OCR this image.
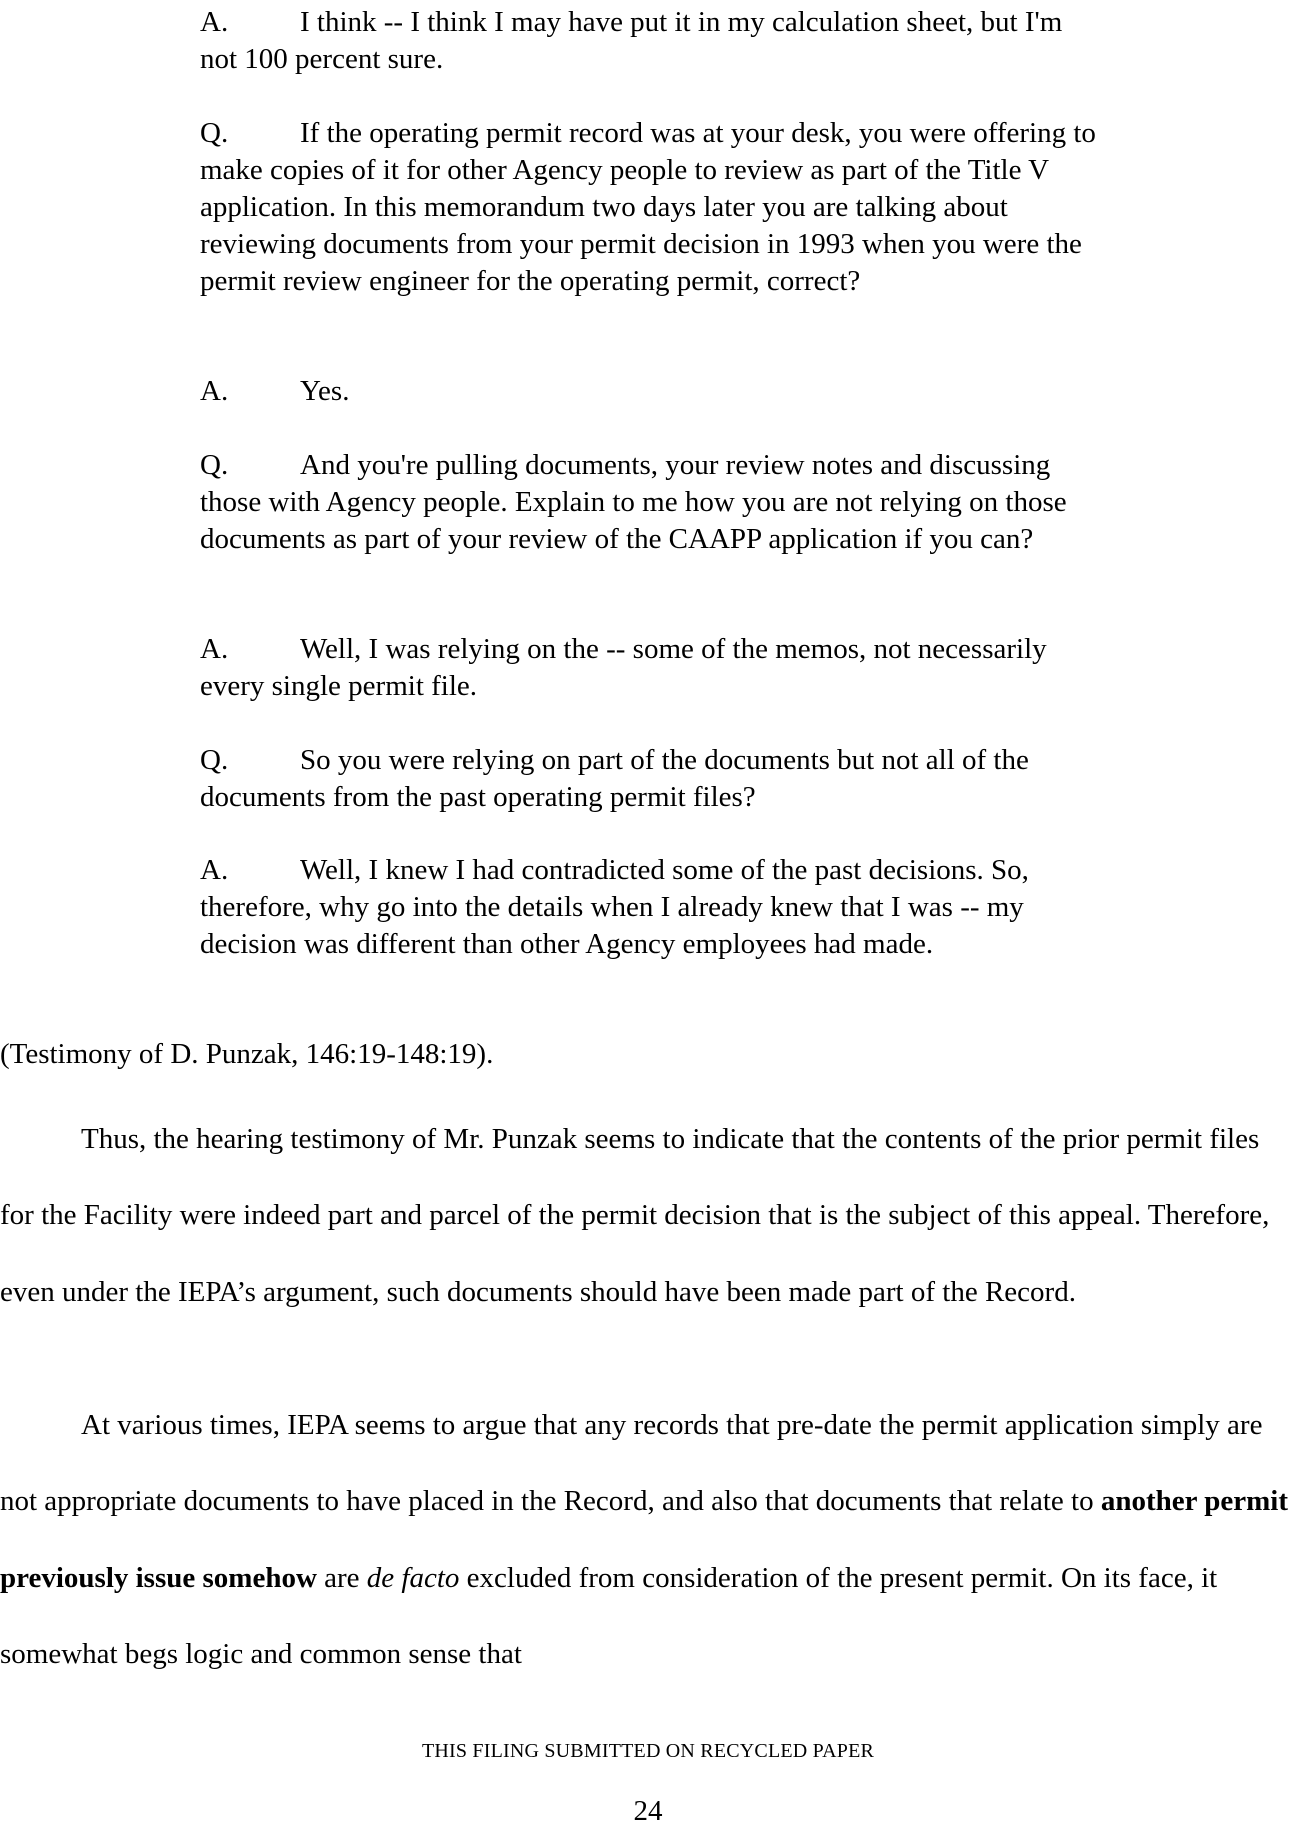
A. I think -- I think I may have put it in my calculation sheet, but I'm not 100 percent sure.

Q. If the operating permit record was at your desk, you were offering to make copies of it for other Agency people to review as part of the Title V application. In this memorandum two days later you are talking about reviewing documents from your permit decision in 1993 when you were the permit review engineer for the operating permit, correct?

A. Yes.

Q. And you're pulling documents, your review notes and discussing those with Agency people. Explain to me how you are not relying on those documents as part of your review of the CAAPP application if you can?

A. Well, I was relying on the -- some of the memos, not necessarily every single permit file.

Q. So you were relying on part of the documents but not all of the documents from the past operating permit files?

A. Well, I knew I had contradicted some of the past decisions. So, therefore, why go into the details when I already knew that I was -- my decision was different than other Agency employees had made.

(Testimony of D. Punzak, 146:19-148:19).

Thus, the hearing testimony of Mr. Punzak seems to indicate that the contents of the prior permit files for the Facility were indeed part and parcel of the permit decision that is the subject of this appeal. Therefore, even under the IEPA’s argument, such documents should have been made part of the Record.

At various times, IEPA seems to argue that any records that pre-date the permit application simply are not appropriate documents to have placed in the Record, and also that documents that relate to another permit previously issue somehow are de facto excluded from consideration of the present permit. On its face, it somewhat begs logic and common sense that

THIS FILING SUBMITTED ON RECYCLED PAPER
24
